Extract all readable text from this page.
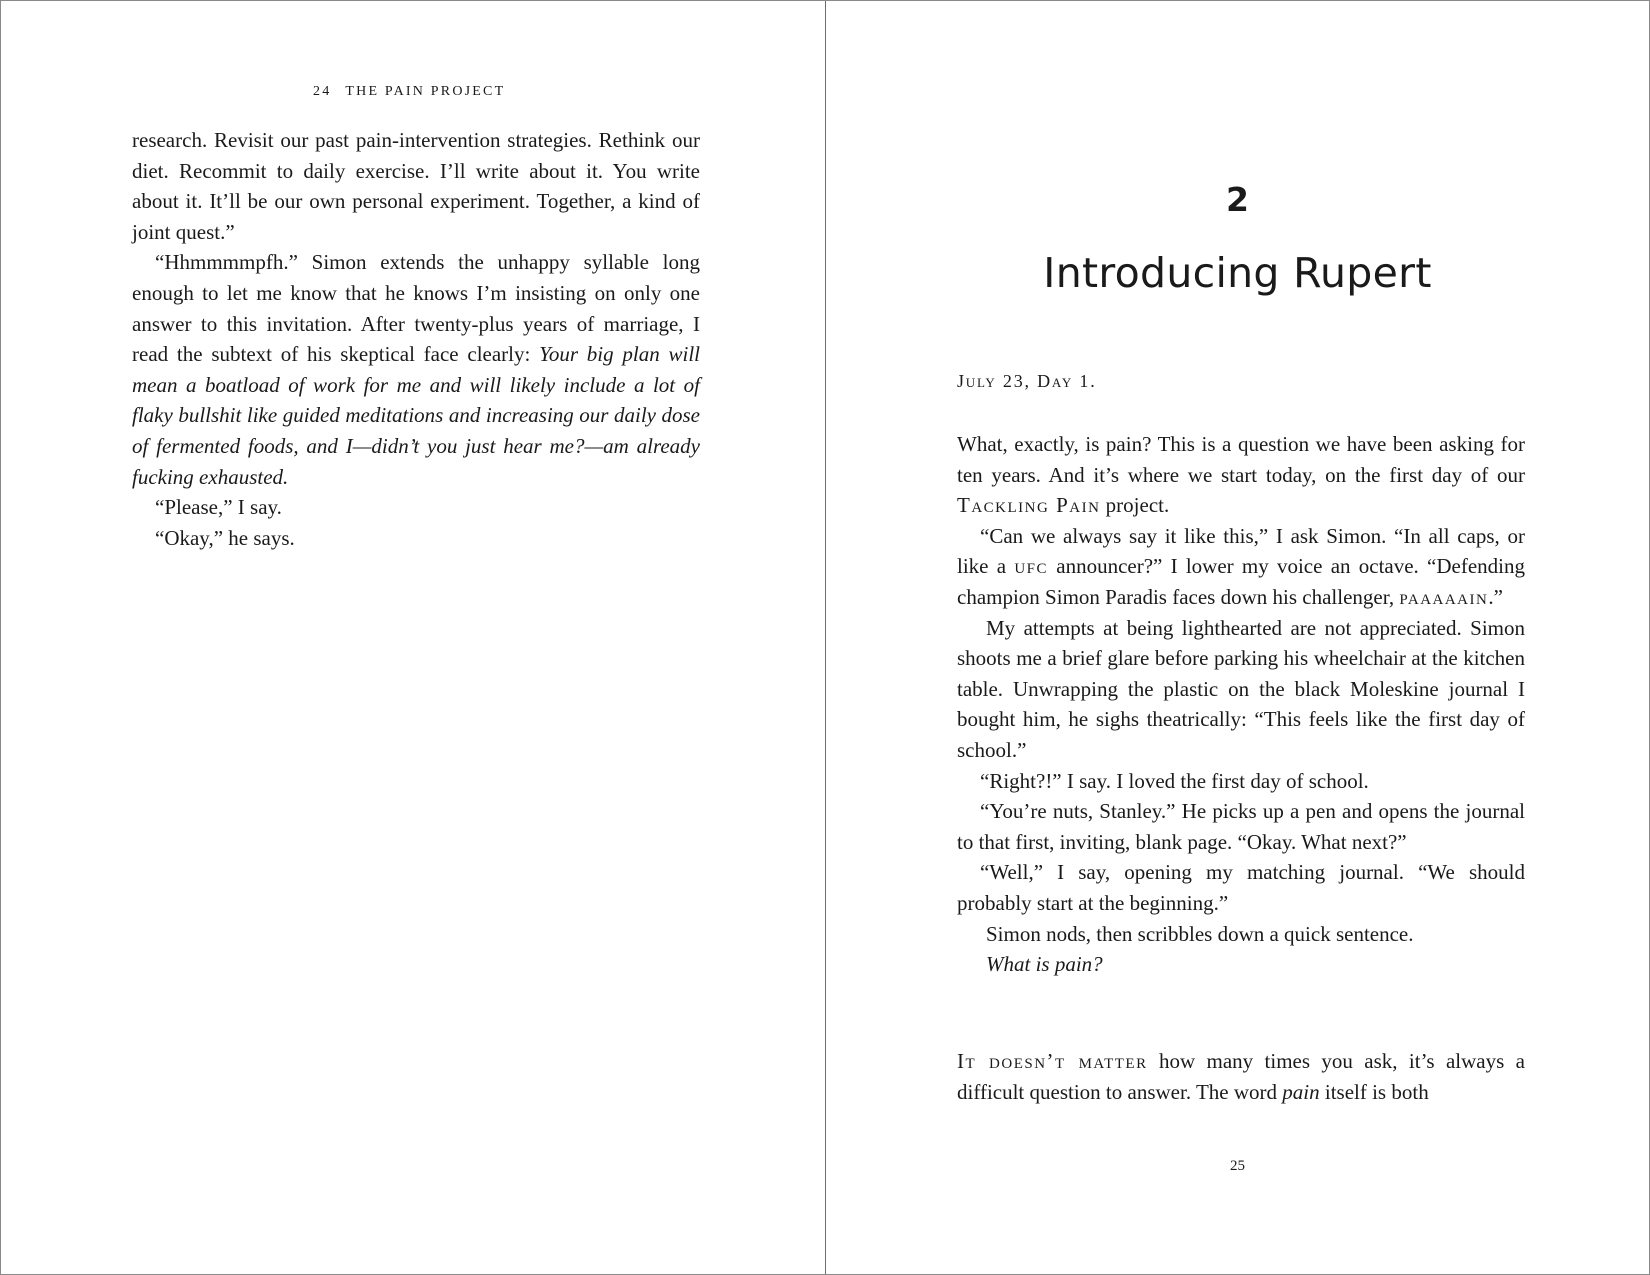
24 THE PAIN PROJECT

research. Revisit our past pain-intervention strategies. Rethink our diet. Recommit to daily exercise. I’ll write about it. You write about it. It’ll be our own personal experiment. Together, a kind of joint quest.”

“Hhmmmmpfh.” Simon extends the unhappy syllable long enough to let me know that he knows I’m insisting on only one answer to this invitation. After twenty-plus years of marriage, I read the subtext of his skeptical face clearly: Your big plan will mean a boatload of work for me and will likely include a lot of flaky bullshit like guided meditations and increasing our daily dose of fermented foods, and I—didn’t you just hear me?—am already fucking exhausted.

“Please,” I say.

“Okay,” he says.

2
Introducing Rupert
July 23, Day 1.

What, exactly, is pain? This is a question we have been asking for ten years. And it’s where we start today, on the first day of our Tackling Pain project.

“Can we always say it like this,” I ask Simon. “In all caps, or like a ufc announcer?” I lower my voice an octave. “Defending champion Simon Paradis faces down his challenger, paaaaain.”

My attempts at being lighthearted are not appreciated. Simon shoots me a brief glare before parking his wheelchair at the kitchen table. Unwrapping the plastic on the black Moleskine journal I bought him, he sighs theatrically: “This feels like the first day of school.”

“Right?!” I say. I loved the first day of school.

“You’re nuts, Stanley.” He picks up a pen and opens the journal to that first, inviting, blank page. “Okay. What next?”

“Well,” I say, opening my matching journal. “We should probably start at the beginning.”

Simon nods, then scribbles down a quick sentence.

What is pain?

It doesn’t matter how many times you ask, it’s always a difficult question to answer. The word pain itself is both

25
